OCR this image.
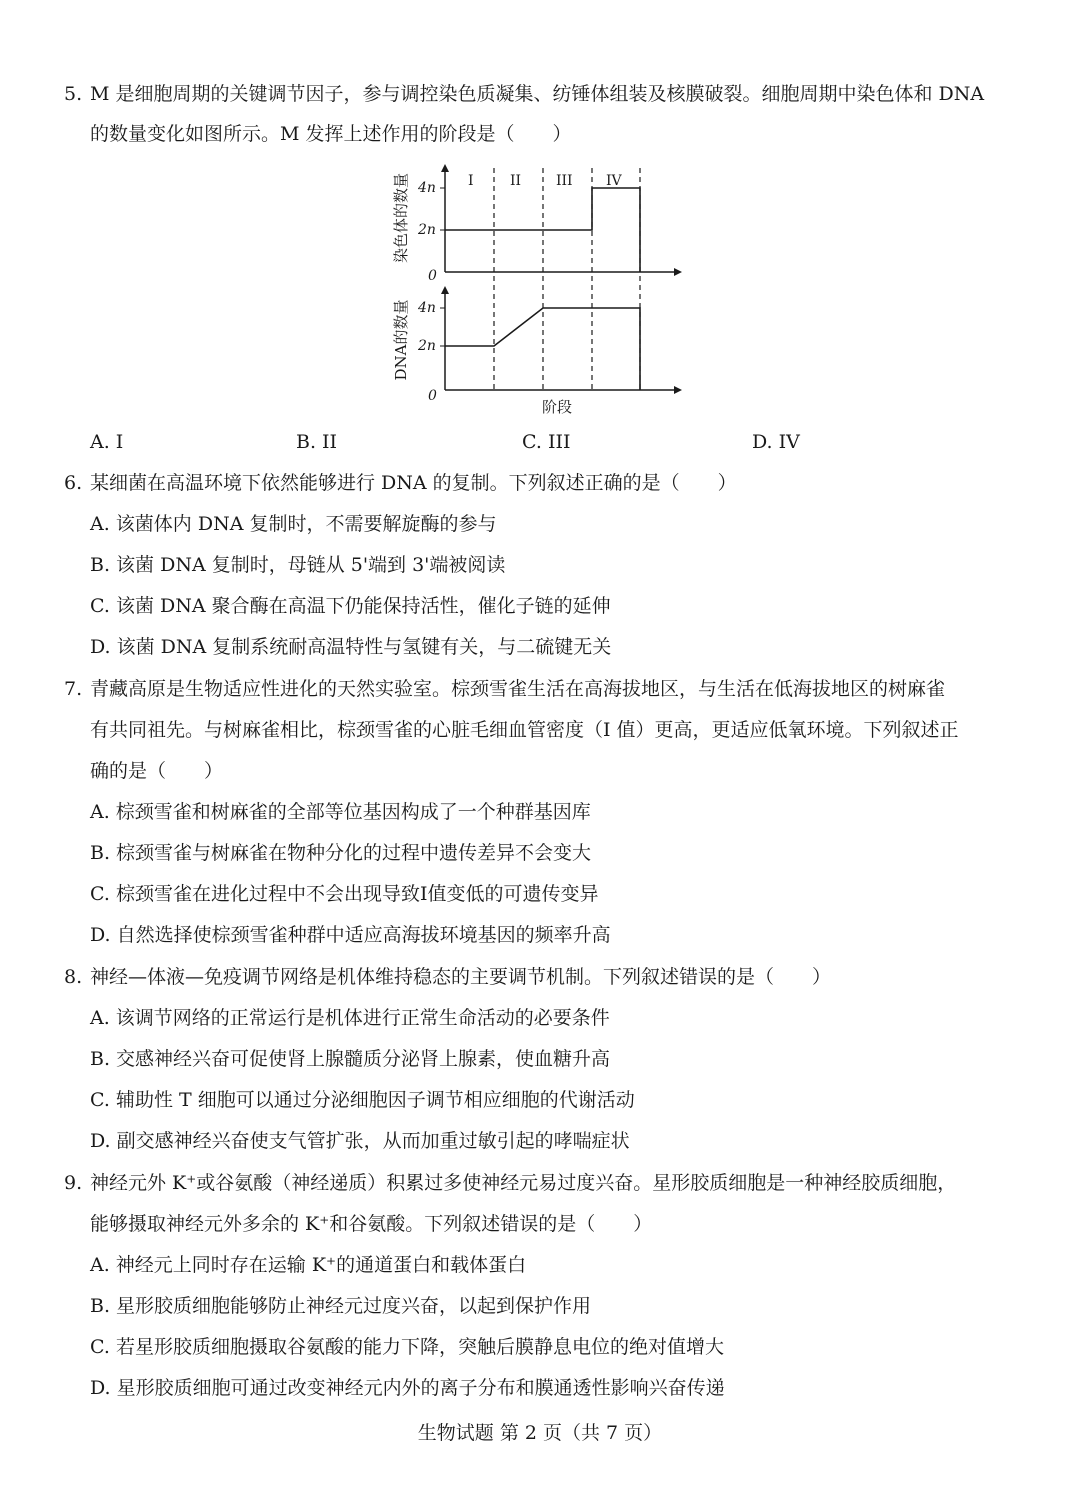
5. M 是细胞周期的关键调节因子，参与调控染色质凝集、纺锤体组装及核膜破裂。细胞周期中染色体和 DNA
的数量变化如图所示。M 发挥上述作用的阶段是（　　）
染色体的数量 4n
2n
0
I	II III IV
DNA的数量 4n
2n
0
阶段
A. I	B. II	C. III	D. IV
6. 某细菌在高温环境下依然能够进行 DNA 的复制。下列叙述正确的是（　　）
A. 该菌体内 DNA 复制时，不需要解旋酶的参与
B. 该菌 DNA 复制时，母链从 5'端到 3'端被阅读
C. 该菌 DNA 聚合酶在高温下仍能保持活性，催化子链的延伸
D. 该菌 DNA 复制系统耐高温特性与氢键有关，与二硫键无关
7. 青藏高原是生物适应性进化的天然实验室。棕颈雪雀生活在高海拔地区，与生活在低海拔地区的树麻雀
有共同祖先。与树麻雀相比，棕颈雪雀的心脏毛细血管密度（I 值）更高，更适应低氧环境。下列叙述正
确的是（　　）
A. 棕颈雪雀和树麻雀的全部等位基因构成了一个种群基因库
B. 棕颈雪雀与树麻雀在物种分化的过程中遗传差异不会变大
C. 棕颈雪雀在进化过程中不会出现导致I值变低的可遗传变异
D. 自然选择使棕颈雪雀种群中适应高海拔环境基因的频率升高
8. 神经—体液—免疫调节网络是机体维持稳态的主要调节机制。下列叙述错误的是（　　）
A. 该调节网络的正常运行是机体进行正常生命活动的必要条件
B. 交感神经兴奋可促使肾上腺髓质分泌肾上腺素，使血糖升高
C. 辅助性 T 细胞可以通过分泌细胞因子调节相应细胞的代谢活动
D. 副交感神经兴奋使支气管扩张，从而加重过敏引起的哮喘症状
9. 神经元外 K⁺或谷氨酸（神经递质）积累过多使神经元易过度兴奋。星形胶质细胞是一种神经胶质细胞，
能够摄取神经元外多余的 K⁺和谷氨酸。下列叙述错误的是（　　）
A. 神经元上同时存在运输 K⁺的通道蛋白和载体蛋白
B. 星形胶质细胞能够防止神经元过度兴奋，以起到保护作用
C. 若星形胶质细胞摄取谷氨酸的能力下降，突触后膜静息电位的绝对值增大
D. 星形胶质细胞可通过改变神经元内外的离子分布和膜通透性影响兴奋传递
生物试题 第 2 页（共 7 页）
